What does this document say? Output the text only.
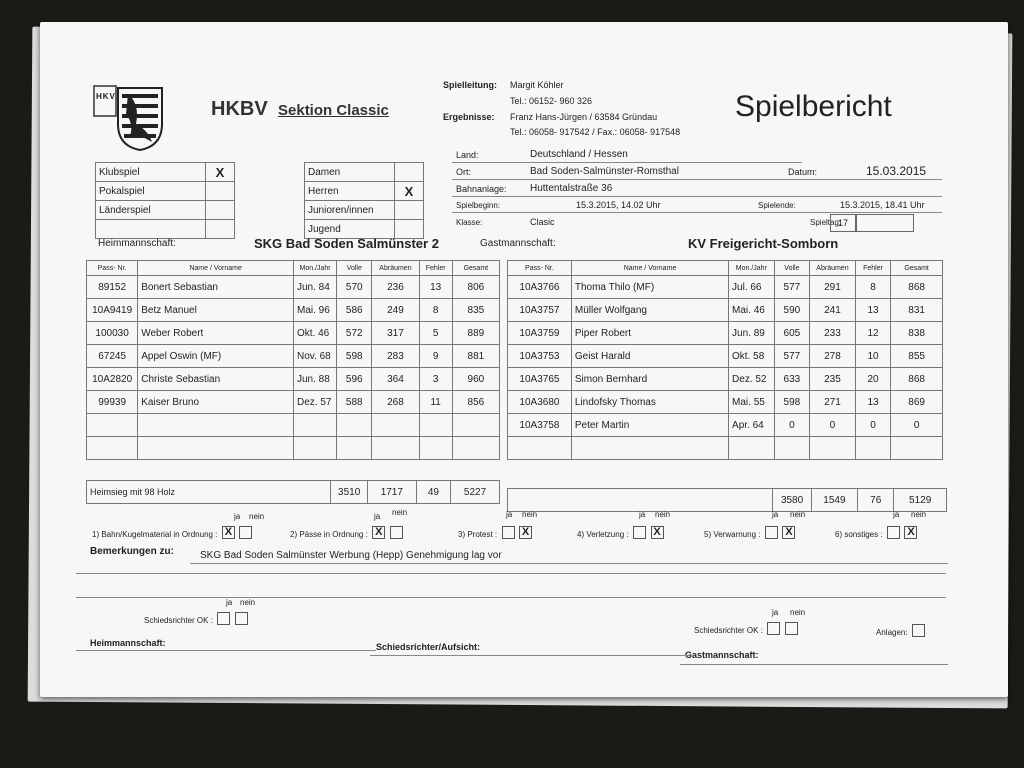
HKV
HKBV Sektion Classic
Spielleitung: Margit Köhler
Tel.: 06152- 960 326
Ergebnisse: Franz Hans-Jürgen / 63584 Gründau
Tel.: 06058- 917542 / Fax.: 06058- 917548
Spielbericht
Klubspiel	X
Pokalspiel	
Länderspiel	

Damen	
Herren	X
Junioren/innen	
Jugend	
Land:	Deutschland / Hessen
Ort:	Bad Soden-Salmünster-Romsthal	Datum:	15.03.2015
Bahnanlage: Huttentalstraße 36
Spielbeginn:	15.3.2015, 14.02 Uhr	Spielende:	15.3.2015, 18.41 Uhr
Klasse:	Clasic	Spieltag:
17
Heimmannschaft:	SKG Bad Soden Salmünster 2	Gastmannschaft:	KV Freigericht-Somborn
Pass- Nr.	Name / Vorname	Mon./Jahr	Volle	Abräumen	Fehler	Gesamt
89152	Bonert Sebastian	Jun. 84	570	236	13	806
10A9419	Betz Manuel	Mai. 96	586	249	8	835
100030	Weber Robert	Okt. 46	572	317	5	889
67245	Appel Oswin (MF)	Nov. 68	598	283	9	881
10A2820	Christe Sebastian	Jun. 88	596	364	3	960
99939	Kaiser Bruno	Dez. 57	588	268	11	856

Pass- Nr.	Name / Vorname	Mon./Jahr	Volle	Abräumen	Fehler	Gesamt
10A3766	Thoma Thilo (MF)	Jul. 66	577	291	8	868
10A3757	Müller Wolfgang	Mai. 46	590	241	13	831
10A3759	Piper Robert	Jun. 89	605	233	12	838
10A3753	Geist Harald	Okt. 58	577	278	10	855
10A3765	Simon Bernhard	Dez. 52	633	235	20	868
10A3680	Lindofsky Thomas	Mai. 55	598	271	13	869
10A3758	Peter Martin	Apr. 64	0	0	0	0

Heimsieg mit 98 Holz	3510	1717	49	5227
	3580	1549	76	5129
ja nein
1) Bahn/Kugelmaterial in Ordnung : X
ja nein
2) Pässe in Ordnung : X
ja nein
3) Protest : X
ja nein
4) Verletzung : X
ja nein
5) Verwarnung : X
ja nein
6) sonstiges : X
Bemerkungen zu:	SKG Bad Soden Salmünster Werbung (Hepp) Genehmigung lag vor
ja nein
Schiedsrichter OK :
ja nein
Schiedsrichter OK :	Anlagen:
Heimmannschaft:	Schiedsrichter/Aufsicht:
Gastmannschaft:
